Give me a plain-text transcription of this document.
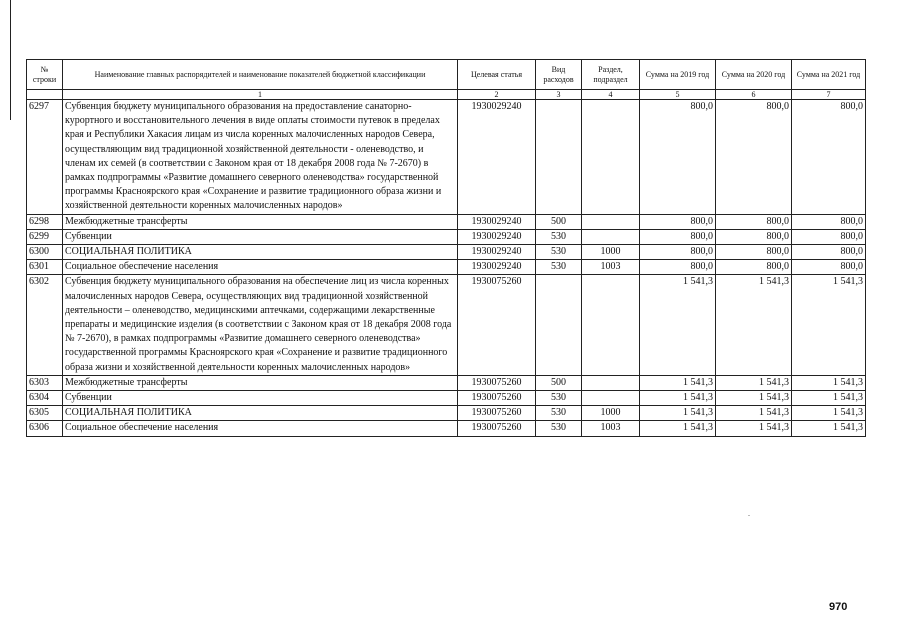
№ строки	Наименование главных распорядителей и наименование показателей бюджетной классификации	Целевая статья	Вид расходов	Раздел, подраздел	Сумма на 2019 год	Сумма на 2020 год	Сумма на 2021 год
	1	2	3	4	5	6	7
6297	Субвенция бюджету муниципального образования на предоставление санаторно-курортного и восстановительного лечения в виде оплаты стоимости путевок в пределах края и Республики Хакасия лицам из числа коренных малочисленных народов Севера, осуществляющим вид традиционной хозяйственной деятельности - оленеводство, и членам их семей (в соответствии с Законом края от 18 декабря 2008 года № 7-2670) в рамках подпрограммы «Развитие домашнего северного оленеводства» государственной программы Красноярского края «Сохранение и развитие традиционного образа жизни и хозяйственной деятельности коренных малочисленных народов»	1930029240			800,0	800,0	800,0
6298	Межбюджетные трансферты	1930029240	500		800,0	800,0	800,0
6299	Субвенции	1930029240	530		800,0	800,0	800,0
6300	СОЦИАЛЬНАЯ ПОЛИТИКА	1930029240	530	1000	800,0	800,0	800,0
6301	Социальное обеспечение населения	1930029240	530	1003	800,0	800,0	800,0
6302	Субвенция бюджету муниципального образования на обеспечение лиц из числа коренных малочисленных народов Севера, осуществляющих вид традиционной хозяйственной деятельности – оленеводство, медицинскими аптечками, содержащими лекарственные препараты и медицинские изделия (в соответствии с Законом края от 18 декабря 2008 года № 7-2670), в рамках подпрограммы «Развитие домашнего северного оленеводства» государственной программы Красноярского края «Сохранение и развитие традиционного образа жизни и хозяйственной деятельности коренных малочисленных народов»	1930075260			1 541,3	1 541,3	1 541,3
6303	Межбюджетные трансферты	1930075260	500		1 541,3	1 541,3	1 541,3
6304	Субвенции	1930075260	530		1 541,3	1 541,3	1 541,3
6305	СОЦИАЛЬНАЯ ПОЛИТИКА	1930075260	530	1000	1 541,3	1 541,3	1 541,3
6306	Социальное обеспечение населения	1930075260	530	1003	1 541,3	1 541,3	1 541,3
970
